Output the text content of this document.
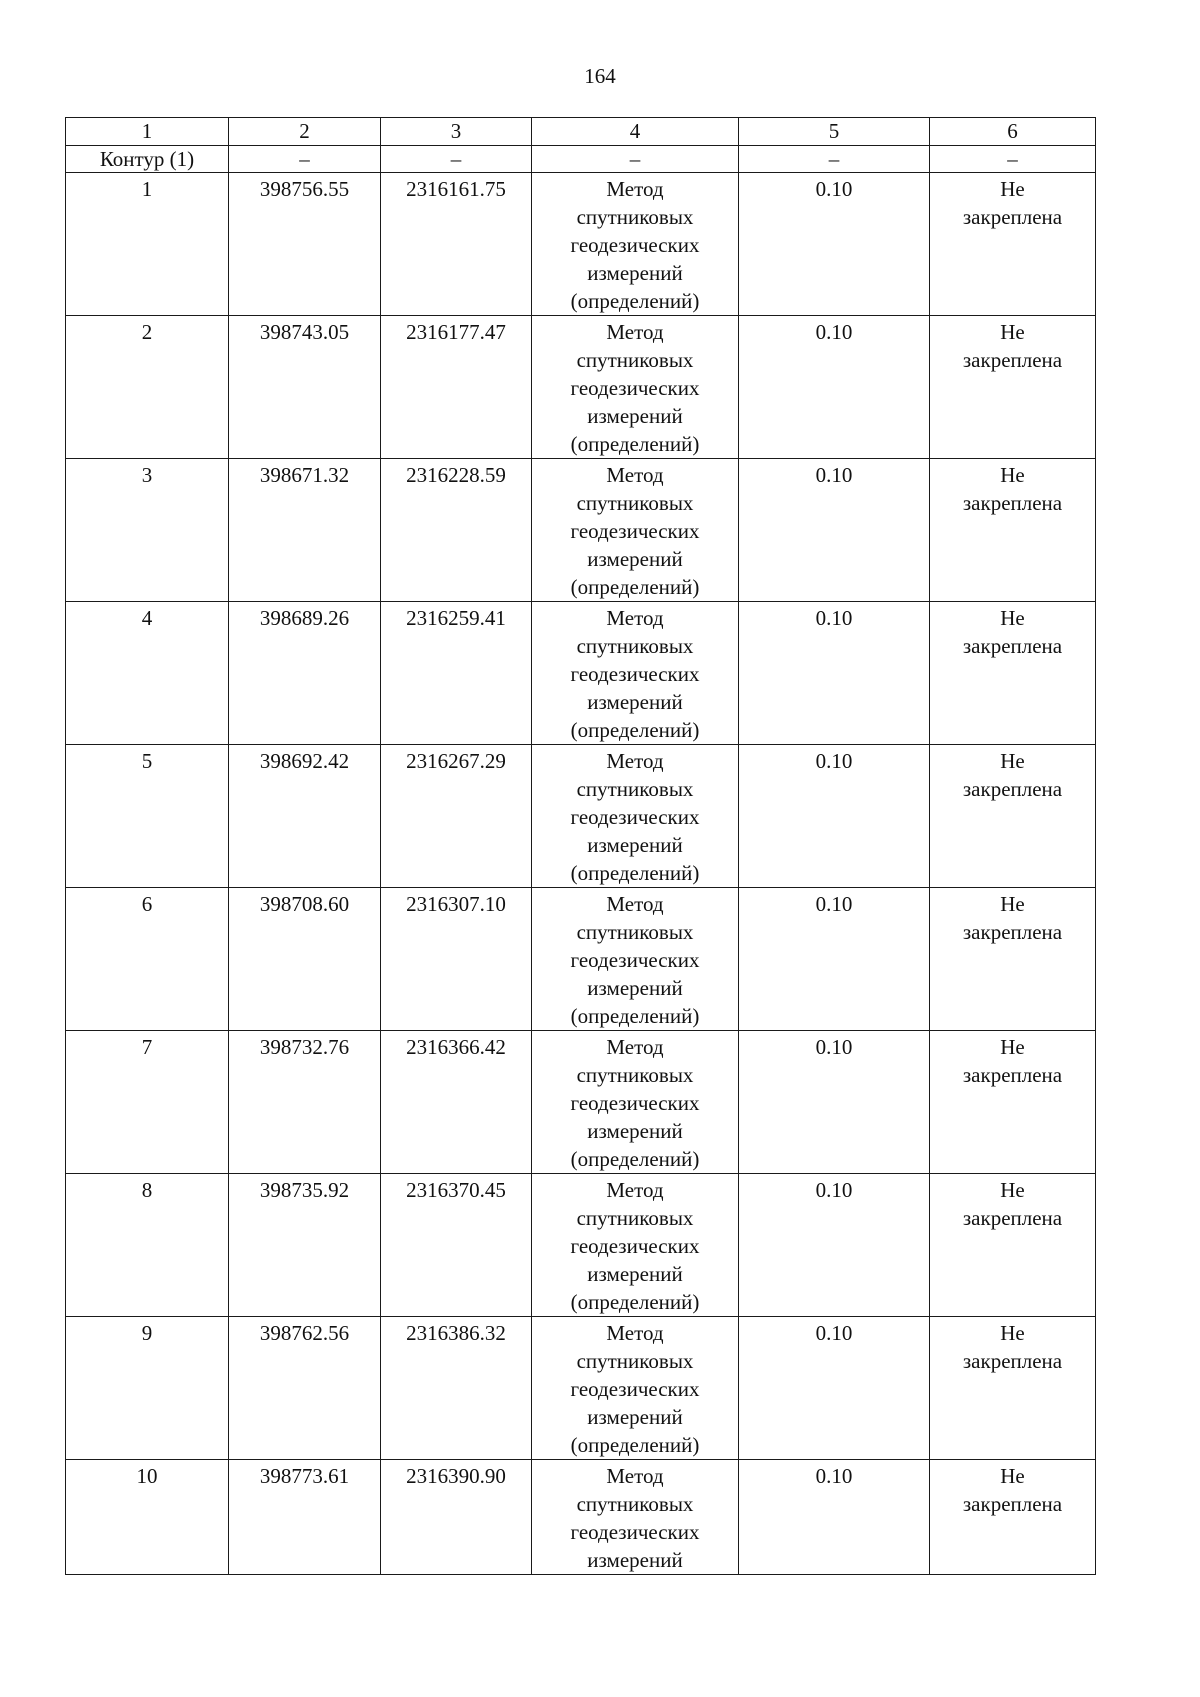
164
1	2	3	4	5	6
Контур (1)	–	–	–	–	–
1	398756.55	2316161.75	Метод
спутниковых
геодезических
измерений
(определений)	0.10	Не
закреплена

2	398743.05	2316177.47	Метод
спутниковых
геодезических
измерений
(определений)	0.10	Не
закреплена

3	398671.32	2316228.59	Метод
спутниковых
геодезических
измерений
(определений)	0.10	Не
закреплена

4	398689.26	2316259.41	Метод
спутниковых
геодезических
измерений
(определений)	0.10	Не
закреплена

5	398692.42	2316267.29	Метод
спутниковых
геодезических
измерений
(определений)	0.10	Не
закреплена

6	398708.60	2316307.10	Метод
спутниковых
геодезических
измерений
(определений)	0.10	Не
закреплена

7	398732.76	2316366.42	Метод
спутниковых
геодезических
измерений
(определений)	0.10	Не
закреплена

8	398735.92	2316370.45	Метод
спутниковых
геодезических
измерений
(определений)	0.10	Не
закреплена

9	398762.56	2316386.32	Метод
спутниковых
геодезических
измерений
(определений)	0.10	Не
закреплена

10	398773.61	2316390.90	Метод
спутниковых
геодезических
измерений	0.10	Не
закреплена
